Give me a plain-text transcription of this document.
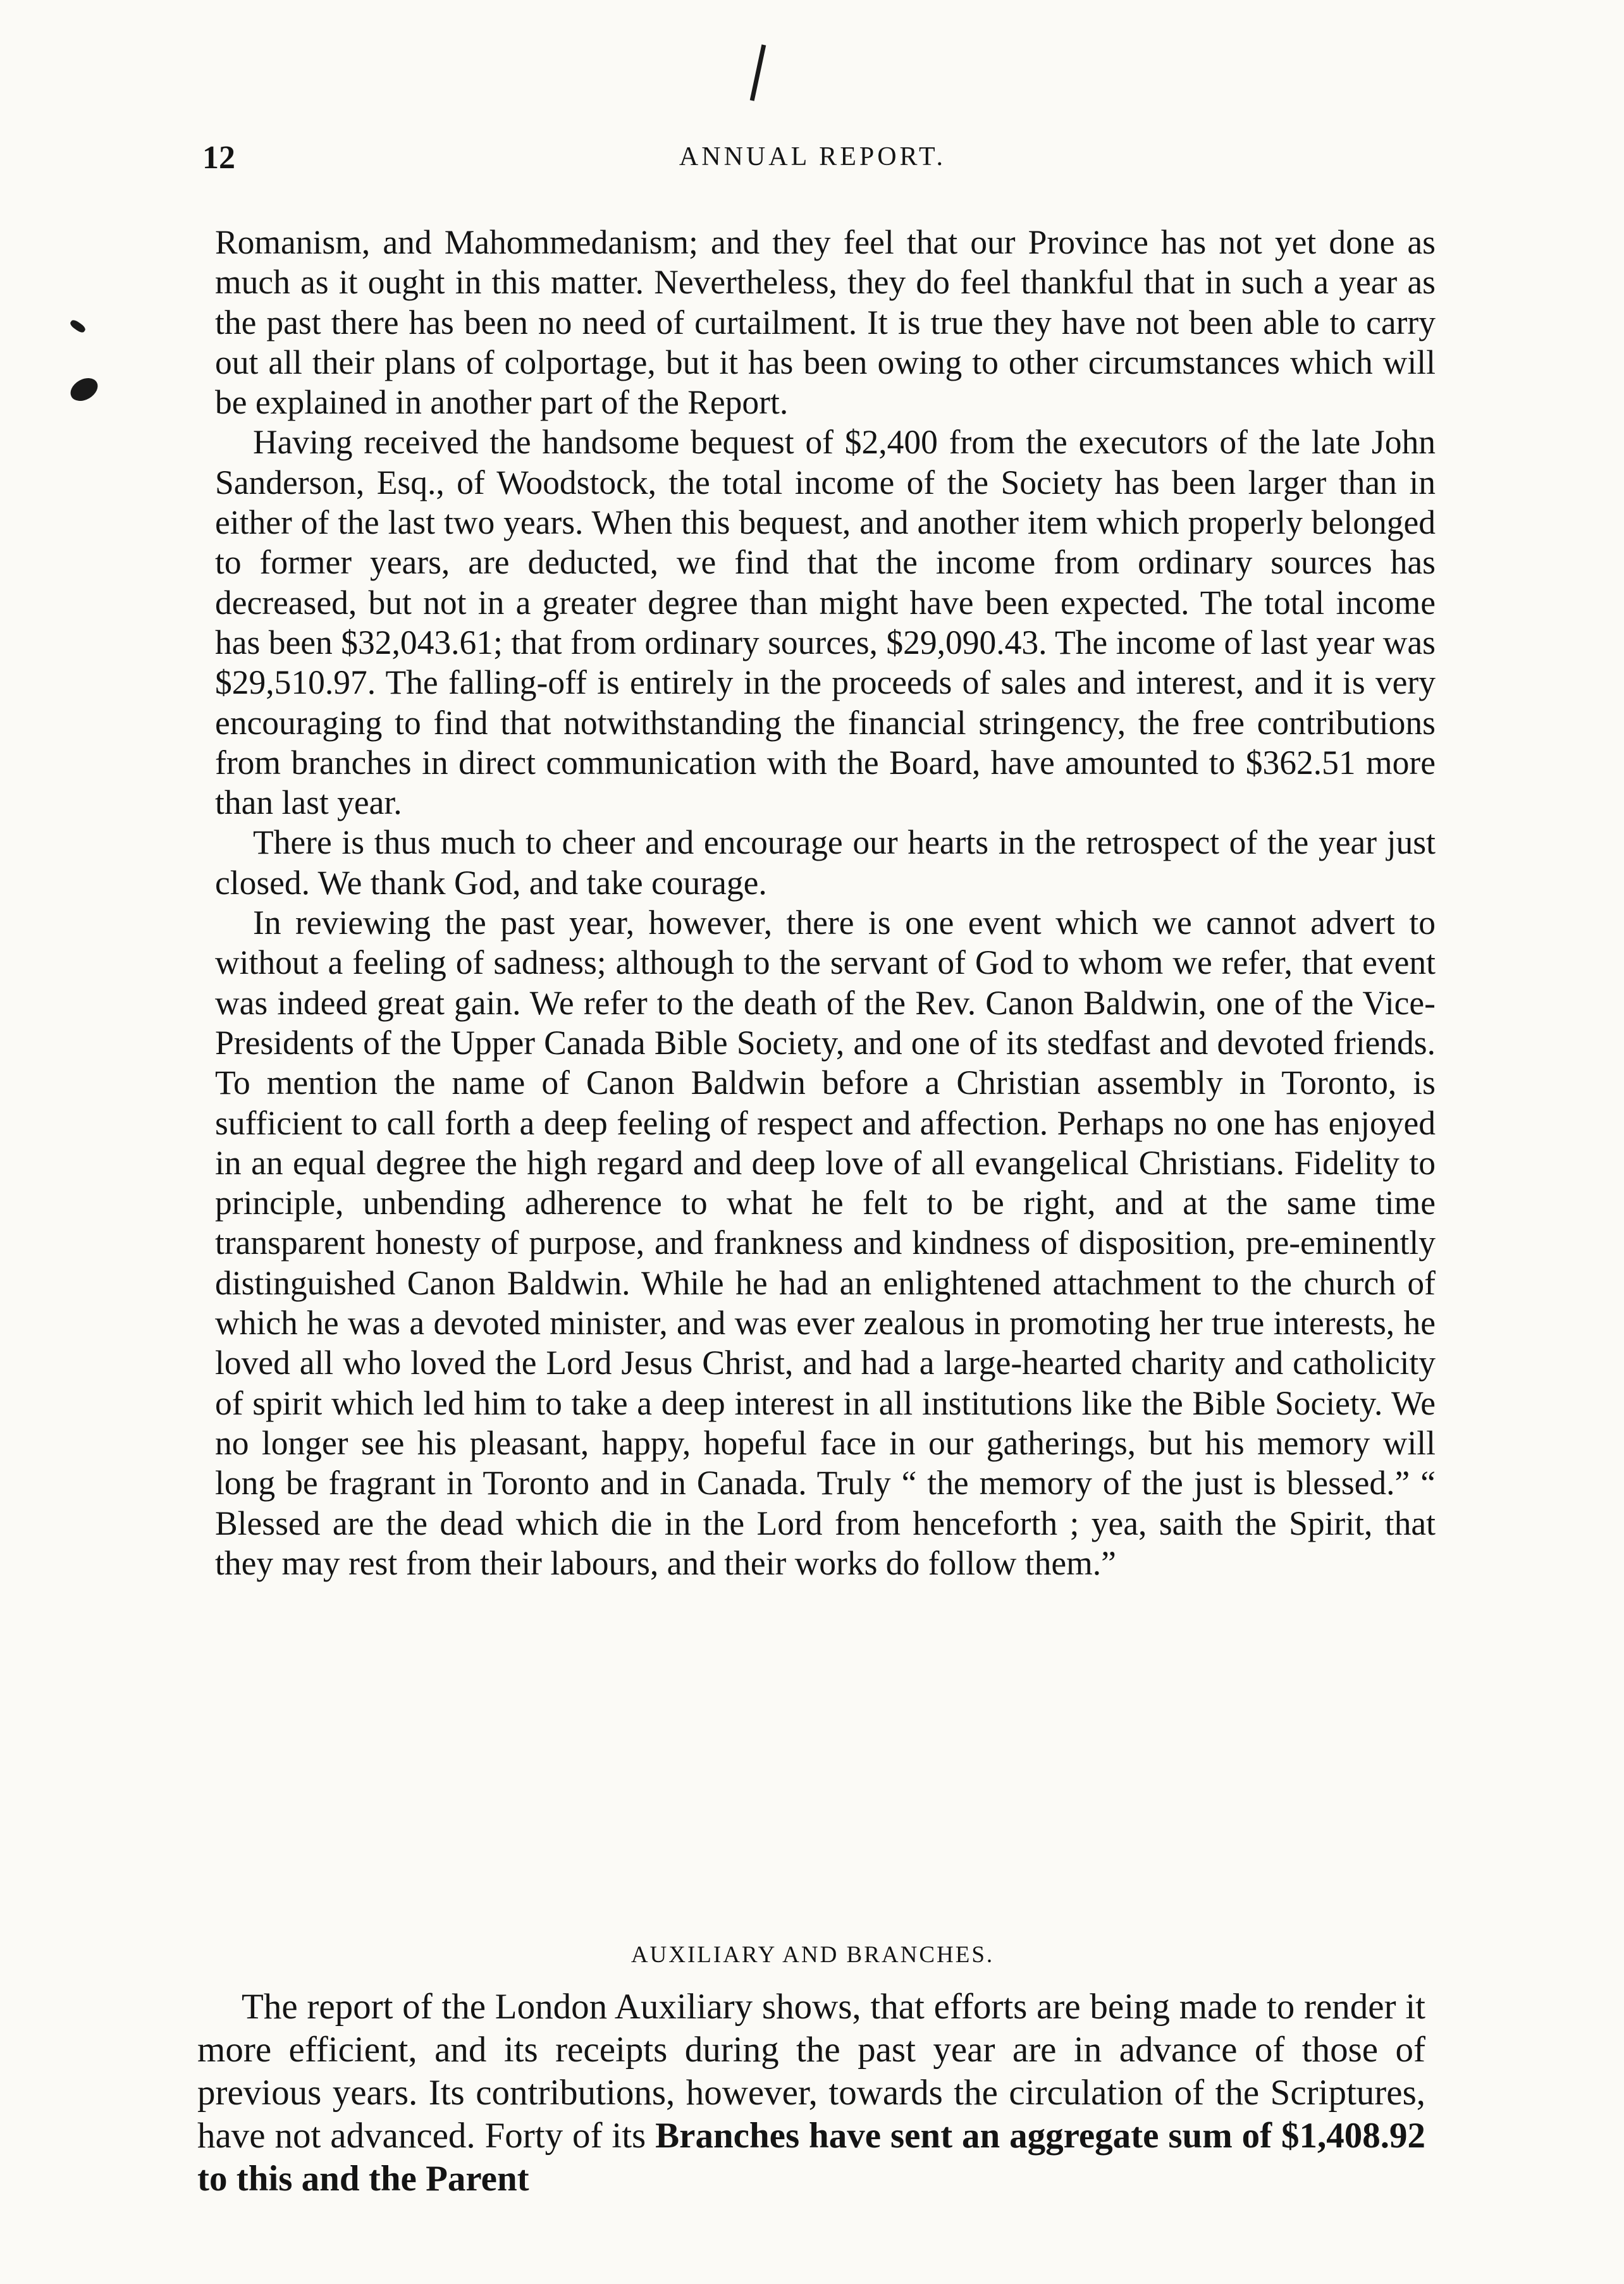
12	ANNUAL REPORT.

Romanism, and Mahommedanism; and they feel that our Province has not yet done as much as it ought in this matter. Nevertheless, they do feel thankful that in such a year as the past there has been no need of curtailment. It is true they have not been able to carry out all their plans of colportage, but it has been owing to other circumstances which will be explained in another part of the Report.

Having received the handsome bequest of $2,400 from the executors of the late John Sanderson, Esq., of Woodstock, the total income of the Society has been larger than in either of the last two years. When this bequest, and another item which properly belonged to former years, are deducted, we find that the income from ordinary sources has decreased, but not in a greater degree than might have been expected. The total income has been $32,043.61; that from ordinary sources, $29,090.43. The income of last year was $29,510.97. The falling-off is entirely in the proceeds of sales and interest, and it is very encouraging to find that notwithstanding the financial stringency, the free contributions from branches in direct communication with the Board, have amounted to $362.51 more than last year.

There is thus much to cheer and encourage our hearts in the retrospect of the year just closed. We thank God, and take courage.

In reviewing the past year, however, there is one event which we cannot advert to without a feeling of sadness; although to the servant of God to whom we refer, that event was indeed great gain. We refer to the death of the Rev. Canon Baldwin, one of the Vice-Presidents of the Upper Canada Bible Society, and one of its stedfast and devoted friends. To mention the name of Canon Baldwin before a Christian assembly in Toronto, is sufficient to call forth a deep feeling of respect and affection. Perhaps no one has enjoyed in an equal degree the high regard and deep love of all evangelical Christians. Fidelity to principle, unbending adherence to what he felt to be right, and at the same time transparent honesty of purpose, and frankness and kindness of disposition, pre-eminently distinguished Canon Baldwin. While he had an enlightened attachment to the church of which he was a devoted minister, and was ever zealous in promoting her true interests, he loved all who loved the Lord Jesus Christ, and had a large-hearted charity and catholicity of spirit which led him to take a deep interest in all institutions like the Bible Society. We no longer see his pleasant, happy, hopeful face in our gatherings, but his memory will long be fragrant in Toronto and in Canada. Truly “ the memory of the just is blessed.” “ Blessed are the dead which die in the Lord from henceforth ; yea, saith the Spirit, that they may rest from their labours, and their works do follow them.”

AUXILIARY AND BRANCHES.

The report of the London Auxiliary shows, that efforts are being made to render it more efficient, and its receipts during the past year are in advance of those of previous years. Its contributions, however, towards the circulation of the Scriptures, have not advanced. Forty of its Branches have sent an aggregate sum of $1,408.92 to this and the Parent
